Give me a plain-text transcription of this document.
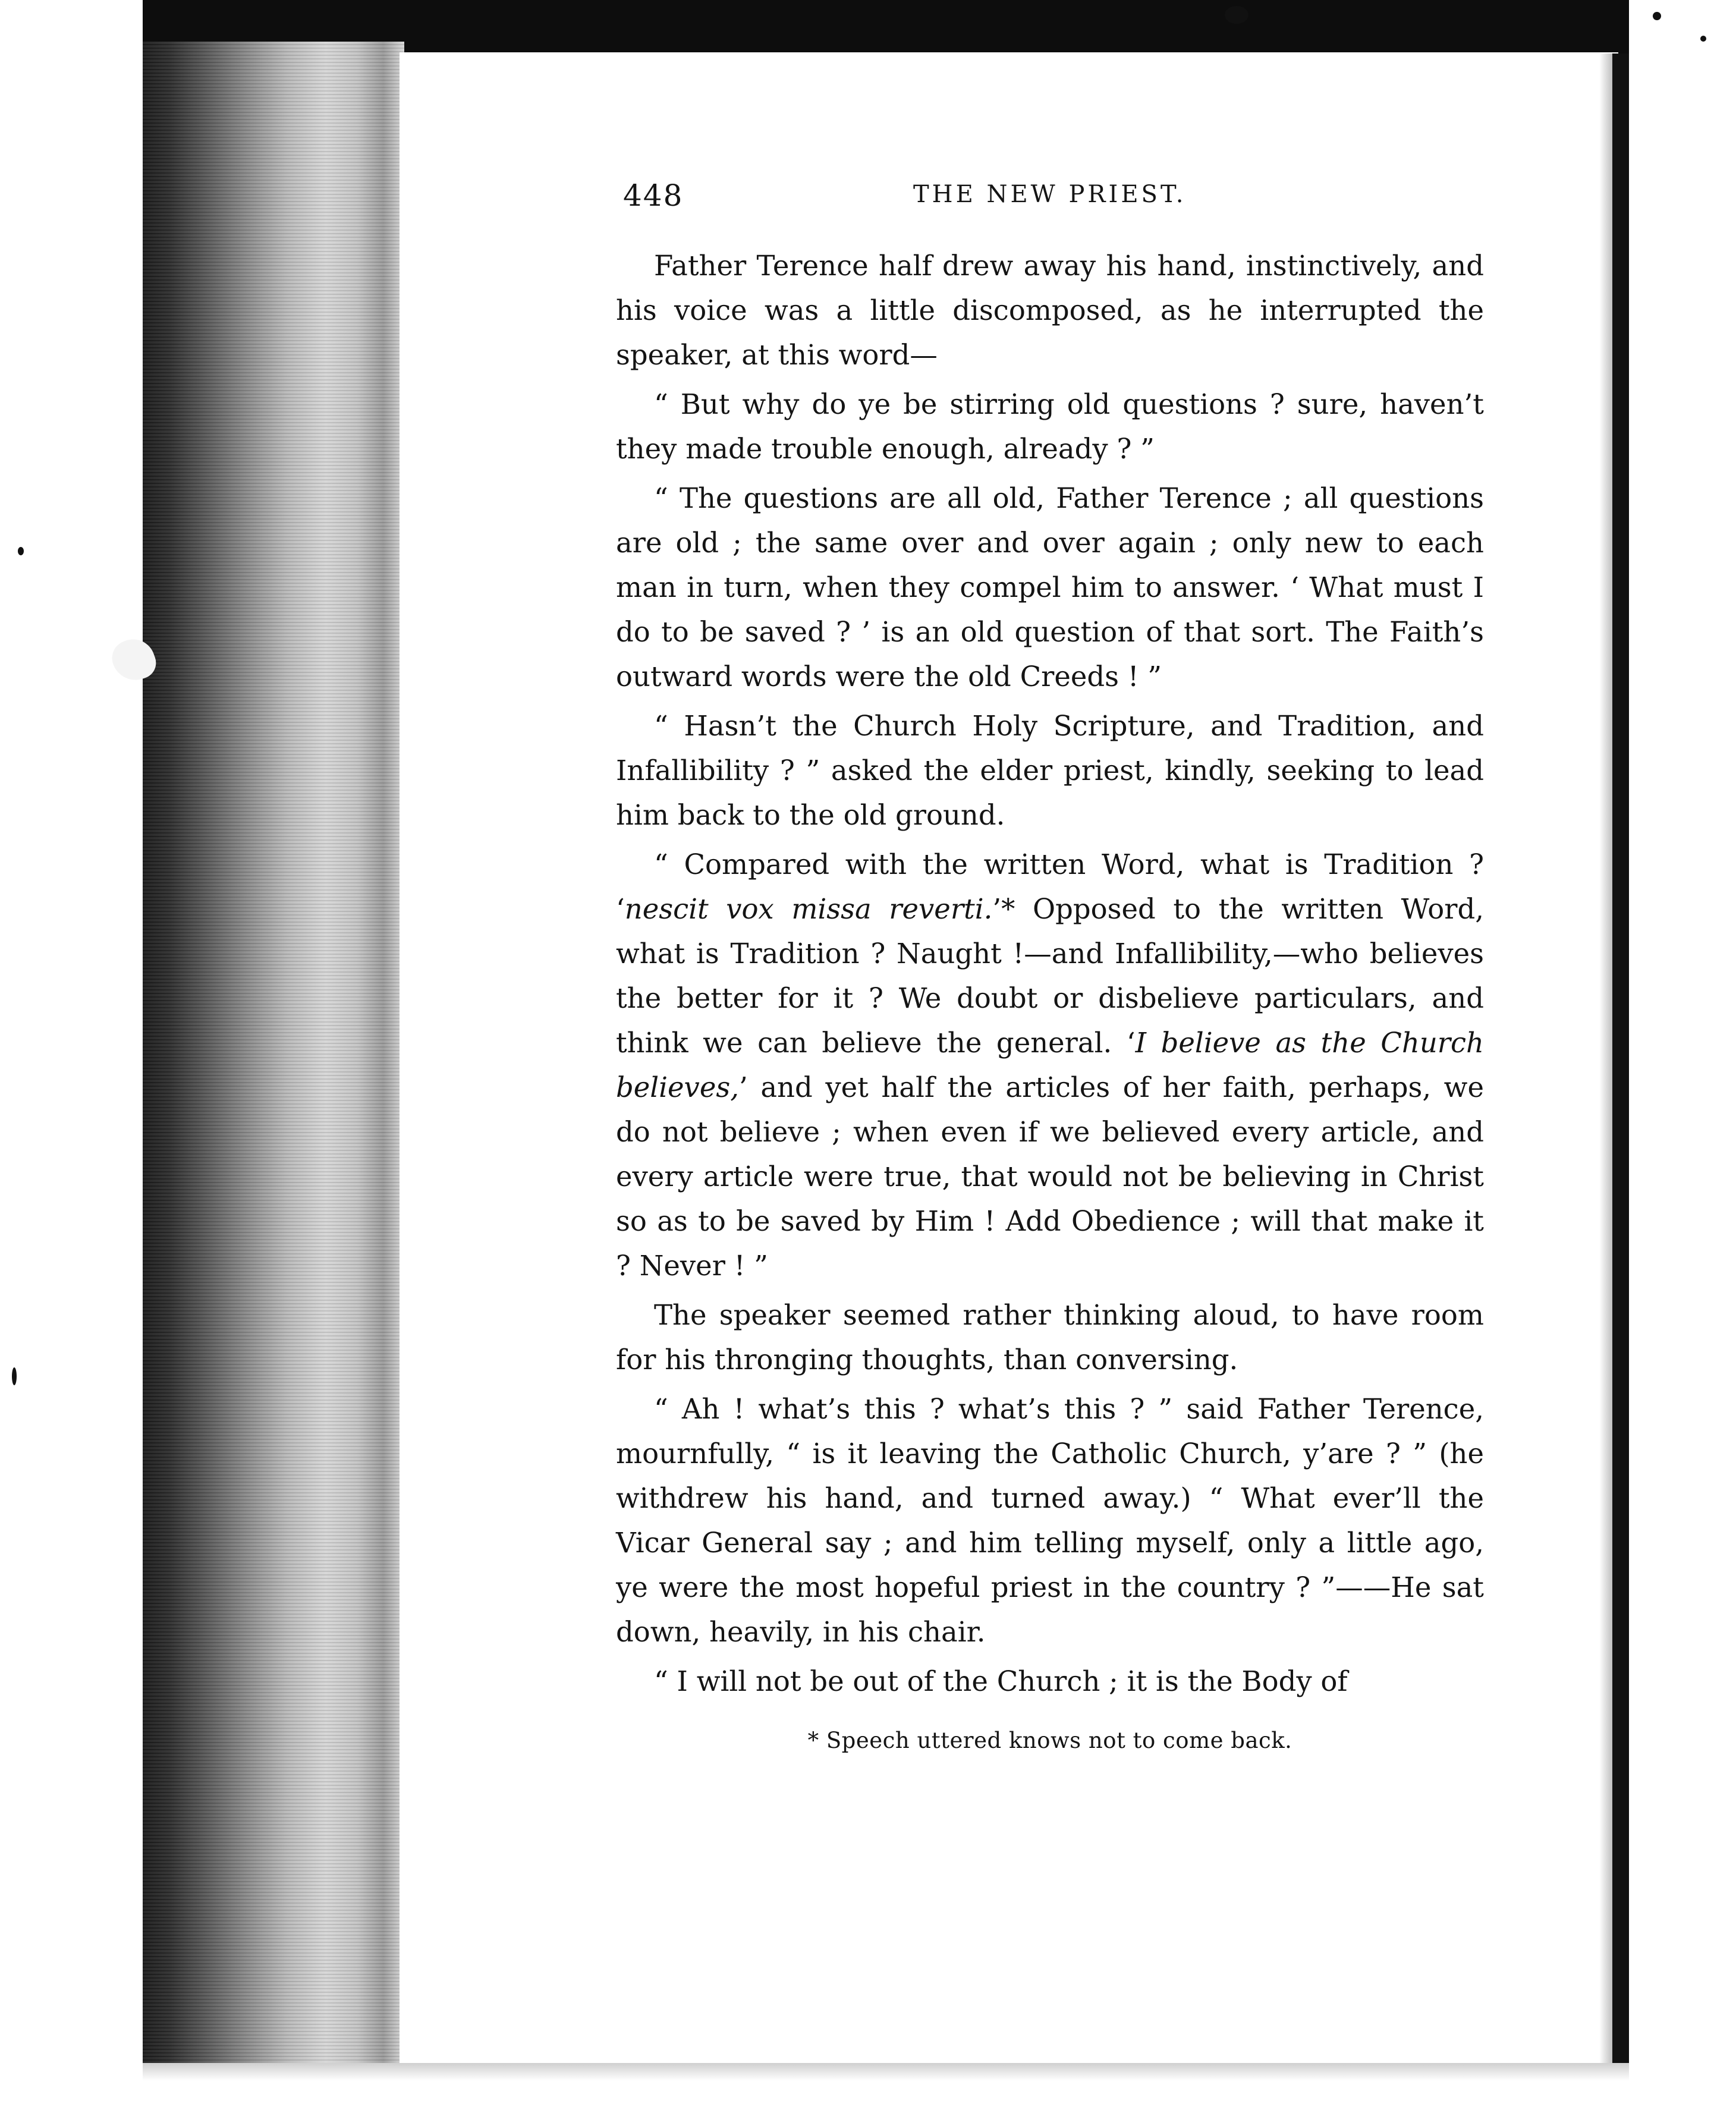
448	THE NEW PRIEST.

Father Terence half drew away his hand, instinctively, and his voice was a little discomposed, as he interrupted the speaker, at this word—

“ But why do ye be stirring old questions ? sure, haven’t they made trouble enough, already ? ”

“ The questions are all old, Father Terence ; all questions are old ; the same over and over again ; only new to each man in turn, when they compel him to answer. ‘ What must I do to be saved ? ’ is an old question of that sort. The Faith’s outward words were the old Creeds ! ”

“ Hasn’t the Church Holy Scripture, and Tradition, and Infallibility ? ” asked the elder priest, kindly, seeking to lead him back to the old ground.

“ Compared with the written Word, what is Tradition ? ‘nescit vox missa reverti.’* Opposed to the written Word, what is Tradition ? Naught !—and Infallibility,—who believes the better for it ? We doubt or disbelieve particulars, and think we can believe the general. ‘I believe as the Church believes,’ and yet half the articles of her faith, perhaps, we do not believe ; when even if we believed every article, and every article were true, that would not be believing in Christ so as to be saved by Him ! Add Obedience ; will that make it ? Never ! ”

The speaker seemed rather thinking aloud, to have room for his thronging thoughts, than conversing.

“ Ah ! what’s this ? what’s this ? ” said Father Terence, mournfully, “ is it leaving the Catholic Church, y’are ? ” (he withdrew his hand, and turned away.) “ What ever’ll the Vicar General say ; and him telling myself, only a little ago, ye were the most hopeful priest in the country ? ”——He sat down, heavily, in his chair.

“ I will not be out of the Church ; it is the Body of

* Speech uttered knows not to come back.
